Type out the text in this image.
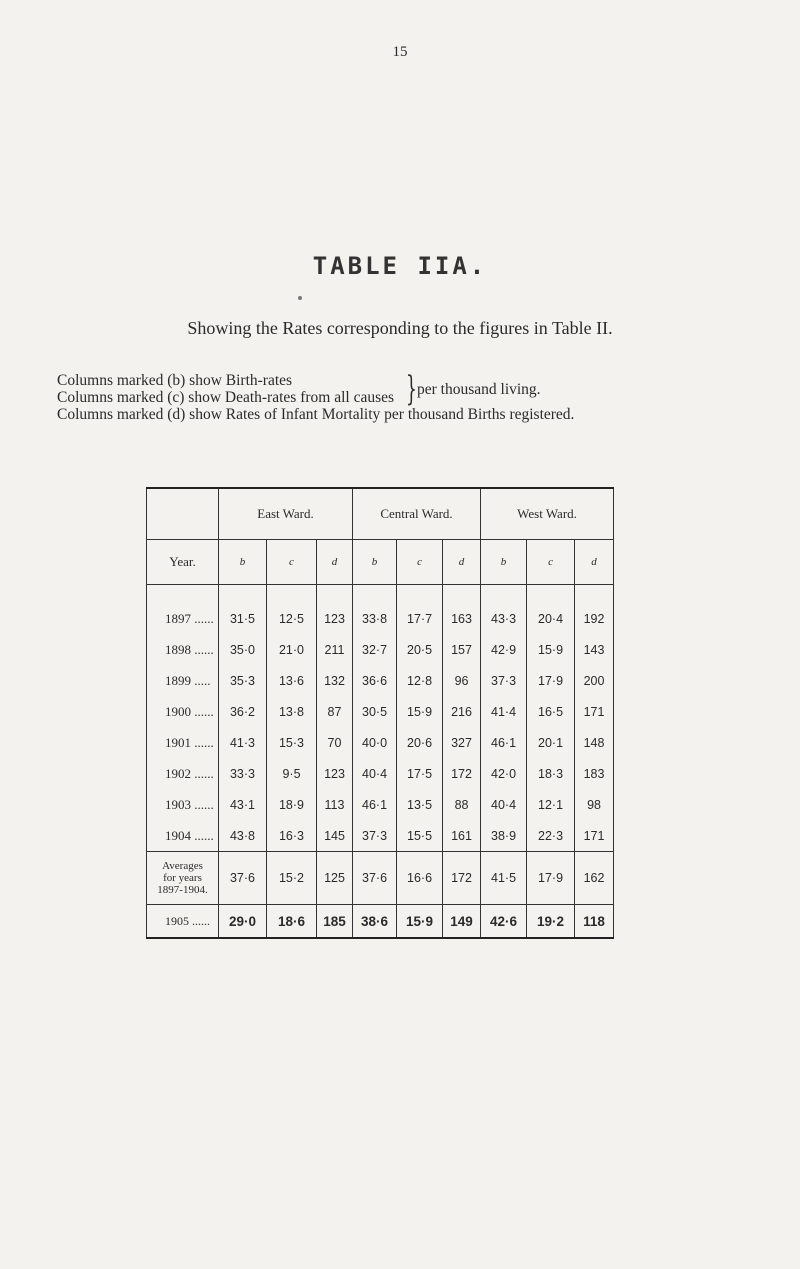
15
TABLE IIA.
Showing the Rates corresponding to the figures in Table II.
Columns marked (b) show Birth-rates
Columns marked (c) show Death-rates from all causes } per thousand living.
Columns marked (d) show Rates of Infant Mortality per thousand Births registered.
	East Ward.			Central Ward.			West Ward.		
Year.	b	c	d	b	c	d	b	c	d
1897 ......	31·5	12·5	123	33·8	17·7	163	43·3	20·4	192
1898 ......	35·0	21·0	211	32·7	20·5	157	42·9	15·9	143
1899 .....	35·3	13·6	132	36·6	12·8	96	37·3	17·9	200
1900 ......	36·2	13·8	87	30·5	15·9	216	41·4	16·5	171
1901 ......	41·3	15·3	70	40·0	20·6	327	46·1	20·1	148
1902 ......	33·3	9·5	123	40·4	17·5	172	42·0	18·3	183
1903 ......	43·1	18·9	113	46·1	13·5	88	40·4	12·1	98
1904 ......	43·8	16·3	145	37·3	15·5	161	38·9	22·3	171

Averages
for years
1897-1904.	37·6	15·2	125	37·6	16·6	172	41·5	17·9	162
1905 ......	29·0	18·6	185	38·6	15·9	149	42·6	19·2	118
